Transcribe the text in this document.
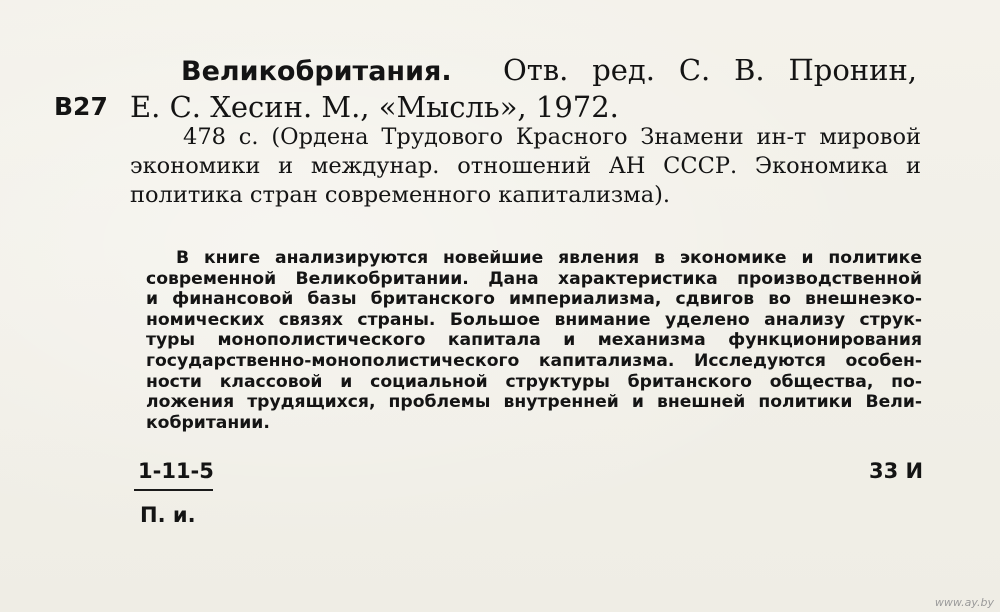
В27
Великобритания. Отв. ред. С. В. Пронин,
Е. С. Хесин. М., «Мысль», 1972.
478 с. (Ордена Трудового Красного Знамени ин-т мировой
экономики и междунар. отношений АН СССР. Экономика и
политика стран современного капитализма).
В книге анализируются новейшие явления в экономике и политике
современной Великобритании. Дана характеристика производственной
и финансовой базы британского империализма, сдвигов во внешнеэко-
номических связях страны. Большое внимание уделено анализу струк-
туры монополистического капитала и механизма функционирования
государственно-монополистического капитализма. Исследуются особен-
ности классовой и социальной структуры британского общества, по-
ложения трудящихся, проблемы внутренней и внешней политики Вели-
кобритании.
1-11-5
П. и.
33 И
www.ay.by
